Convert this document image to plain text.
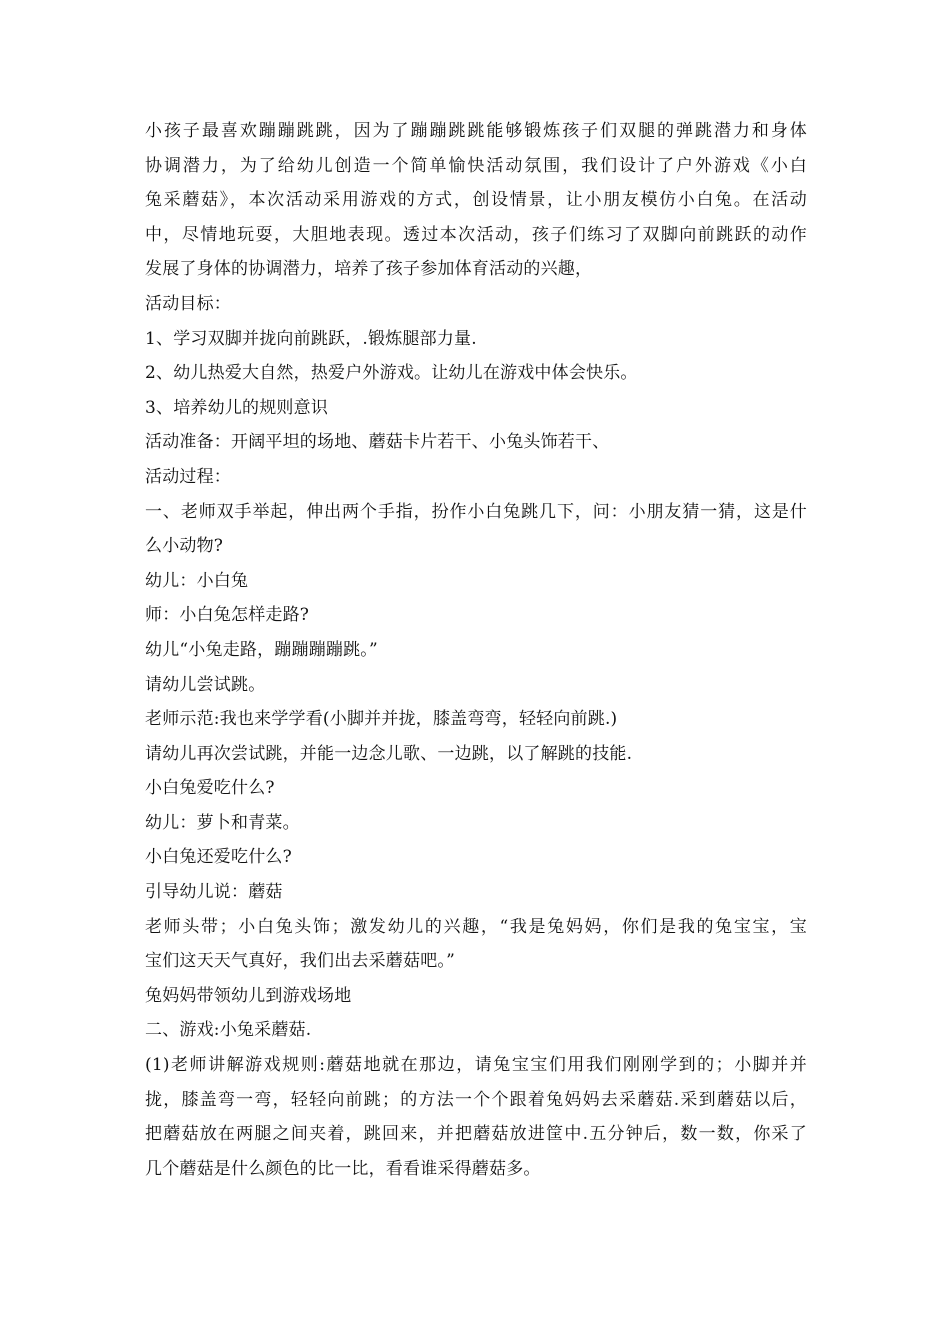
小孩子最喜欢蹦蹦跳跳，因为了蹦蹦跳跳能够锻炼孩子们双腿的弹跳潜力和身体
协调潜力，为了给幼儿创造一个简单愉快活动氛围，我们设计了户外游戏《小白
兔采蘑菇》，本次活动采用游戏的方式，创设情景，让小朋友模仿小白兔。在活动
中，尽情地玩耍，大胆地表现。透过本次活动，孩子们练习了双脚向前跳跃的动作
发展了身体的协调潜力，培养了孩子参加体育活动的兴趣，
活动目标：
1、学习双脚并拢向前跳跃，.锻炼腿部力量.
2、幼儿热爱大自然，热爱户外游戏。让幼儿在游戏中体会快乐。
3、培养幼儿的规则意识
活动准备：开阔平坦的场地、蘑菇卡片若干、小兔头饰若干、
活动过程：
一、老师双手举起，伸出两个手指，扮作小白兔跳几下，问：小朋友猜一猜，这是什
么小动物?
幼儿：小白兔
师：小白兔怎样走路?
幼儿“小兔走路，蹦蹦蹦蹦跳。”
请幼儿尝试跳。
老师示范:我也来学学看(小脚并并拢，膝盖弯弯，轻轻向前跳.)
请幼儿再次尝试跳，并能一边念儿歌、一边跳，以了解跳的技能.
小白兔爱吃什么?
幼儿：萝卜和青菜。
小白兔还爱吃什么?
引导幼儿说：蘑菇
老师头带；小白兔头饰；激发幼儿的兴趣，“我是兔妈妈，你们是我的兔宝宝，宝
宝们这天天气真好，我们出去采蘑菇吧。”
兔妈妈带领幼儿到游戏场地
二、游戏:小兔采蘑菇.
(1)老师讲解游戏规则:蘑菇地就在那边，请兔宝宝们用我们刚刚学到的；小脚并并
拢，膝盖弯一弯，轻轻向前跳；的方法一个个跟着兔妈妈去采蘑菇.采到蘑菇以后，
把蘑菇放在两腿之间夹着，跳回来，并把蘑菇放进筐中.五分钟后，数一数，你采了
几个蘑菇是什么颜色的比一比，看看谁采得蘑菇多。
